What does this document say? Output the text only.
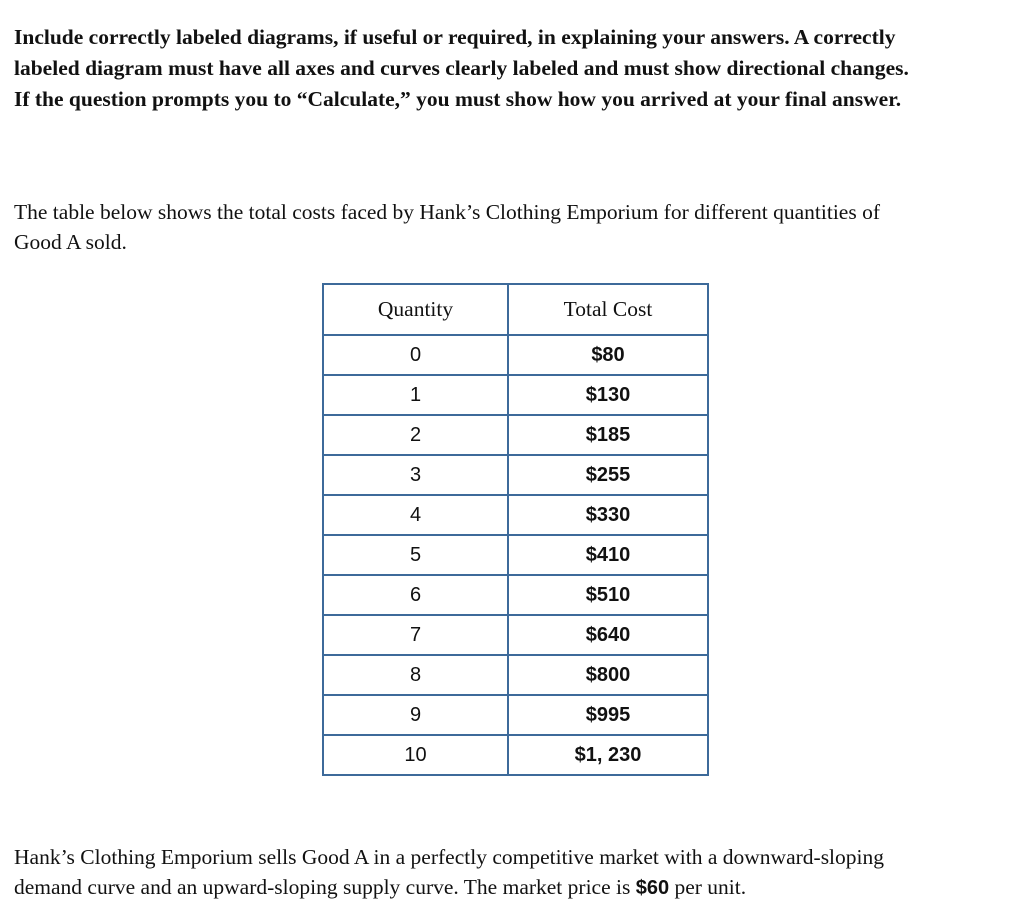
Include correctly labeled diagrams, if useful or required, in explaining your answers. A correctly
labeled diagram must have all axes and curves clearly labeled and must show directional changes.
If the question prompts you to “Calculate,” you must show how you arrived at your final answer.
The table below shows the total costs faced by Hank’s Clothing Emporium for different quantities of
Good A sold.
Quantity	Total Cost
0	$80
1	$130
2	$185
3	$255
4	$330
5	$410
6	$510
7	$640
8	$800
9	$995
10	$1, 230
Hank’s Clothing Emporium sells Good A in a perfectly competitive market with a downward-sloping
demand curve and an upward-sloping supply curve. The market price is $60 per unit.
